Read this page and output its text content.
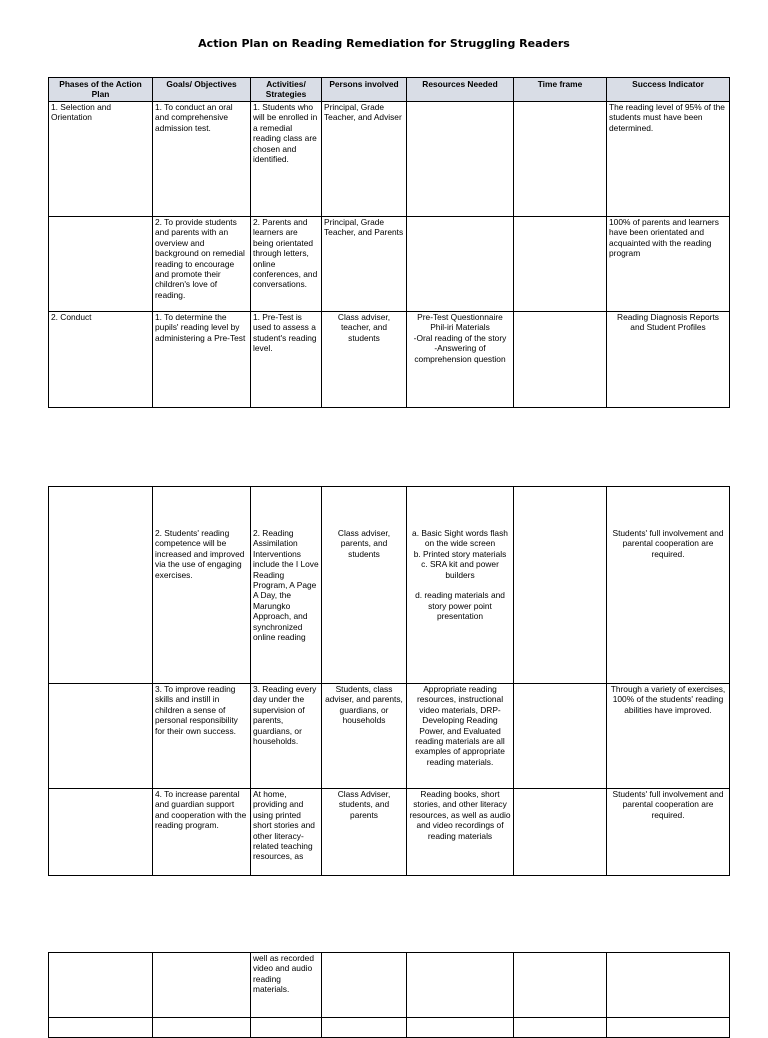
Action Plan on Reading Remediation for Struggling Readers
Phases of the Action Plan	Goals/ Objectives	Activities/ Strategies	Persons involved	Resources Needed	Time frame	Success Indicator
1. Selection and Orientation	1. To conduct an oral and comprehensive admission test.	1. Students who will be enrolled in a remedial reading class are chosen and identified.	Principal, Grade Teacher, and Adviser			The reading level of 95% of the students must have been determined.
	2. To provide students and parents with an overview and background on remedial reading to encourage and promote their children's love of reading.	2. Parents and learners are being orientated through letters, online conferences, and conversations.	Principal, Grade Teacher, and Parents			100% of parents and learners have been orientated and acquainted with the reading program
2. Conduct	1. To determine the pupils' reading level by administering a Pre-Test	1. Pre-Test is used to assess a student's reading level.	Class adviser, teacher, and students	Pre-Test Questionnaire
Phil-iri Materials
-Oral reading of the story
-Answering of comprehension question		Reading Diagnosis Reports and Student Profiles
	2. Students' reading competence will be increased and improved via the use of engaging exercises.	2. Reading Assimilation Interventions include the I Love Reading Program, A Page A Day, the Marungko Approach, and synchronized online reading	Class adviser, parents, and students	a. Basic Sight words flash on the wide screen
b. Printed story materials
c. SRA kit and power builders

d. reading materials and story power point presentation		Students' full involvement and parental cooperation are required.
	3. To improve reading skills and instill in children a sense of personal responsibility for their own success.	3. Reading every day under the supervision of parents, guardians, or households.	Students, class adviser, and parents, guardians, or households	Appropriate reading resources, instructional video materials, DRP-Developing Reading Power, and Evaluated reading materials are all examples of appropriate reading materials.		Through a variety of exercises, 100% of the students' reading abilities have improved.
	4. To increase parental and guardian support and cooperation with the reading program.	At home, providing and using printed short stories and other literacy-related teaching resources, as	Class Adviser, students, and parents	Reading books, short stories, and other literacy resources, as well as audio and video recordings of reading materials		Students' full involvement and parental cooperation are required.
		well as recorded video and audio reading materials.				
